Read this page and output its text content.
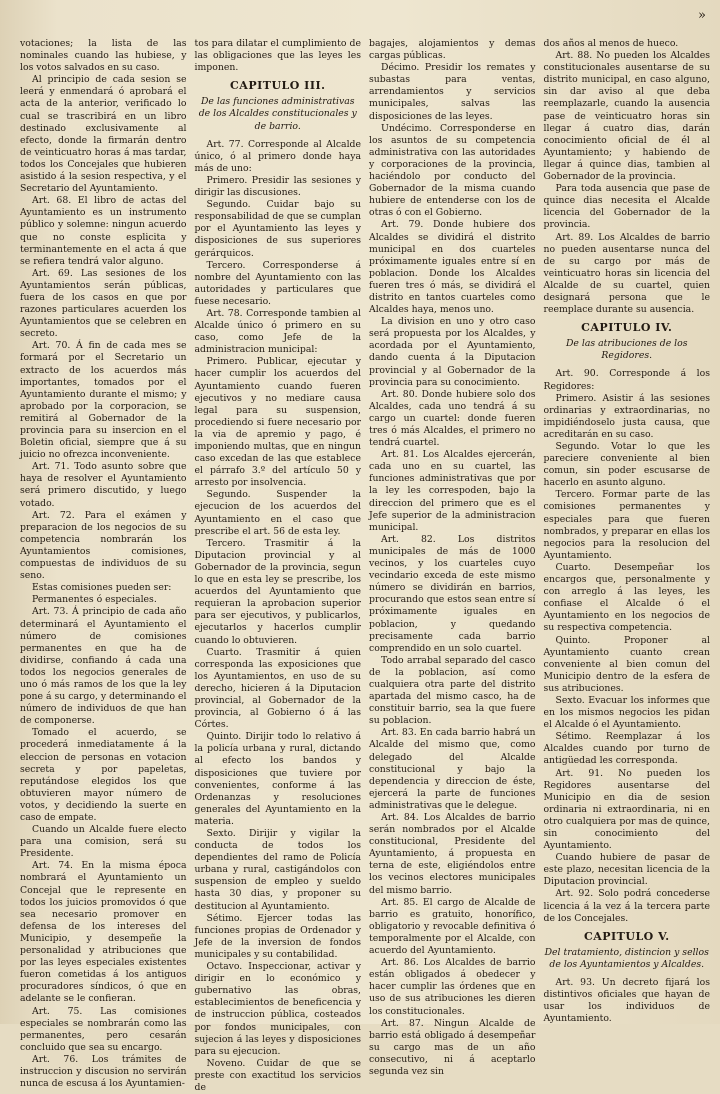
»

votaciones; la lista de las nominales cuando las hubiese, y los votos salvados en su caso.

Al principio de cada sesion se leerá y enmendará ó aprobará el acta de la anterior, verificado lo cual se trascribirá en un libro destinado exclusivamente al efecto, donde la firmarán dentro de veinticuatro horas á mas tardar, todos los Concejales que hubieren asistido á la sesion respectiva, y el Secretario del Ayuntamiento.

Art. 68. El libro de actas del Ayuntamiento es un instrumento público y solemne: ningun acuerdo que no conste esplicita y terminantemente en el acta á que se refiera tendrá valor alguno.

Art. 69. Las sesiones de los Ayuntamientos serán públicas, fuera de los casos en que por razones particulares acuerden los Ayuntamientos que se celebren en secreto.

Art. 70. Á fin de cada mes se formará por el Secretario un extracto de los acuerdos más importantes, tomados por el Ayuntamiento durante el mismo; y aprobado por la corporacion, se remitirá al Gobernador de la provincia para su insercion en el Boletin oficial, siempre que á su juicio no ofrezca inconveniente.

Art. 71. Todo asunto sobre que haya de resolver el Ayuntamiento será primero discutido, y luego votado.

Art. 72. Para el exámen y preparacion de los negocios de su competencia nombrarán los Ayuntamientos comisiones, compuestas de individuos de su seno.

Estas comisiones pueden ser:

Permanentes ó especiales.

Art. 73. Á principio de cada año determinará el Ayuntamiento el número de comisiones permanentes en que ha de dividirse, confiando á cada una todos los negocios generales de uno ó más ramos de los que la ley pone á su cargo, y determinando el número de individuos de que han de componerse.

Tomado el acuerdo, se procederá inmediatamente á la eleccion de personas en votacion secreta y por papeletas, reputándose elegidos los que obtuvieren mayor número de votos, y decidiendo la suerte en caso de empate.

Cuando un Alcalde fuere electo para una comision, será su Presidente.

Art. 74. En la misma época nombrará el Ayuntamiento un Concejal que le represente en todos los juicios promovidos ó que sea necesario promover en defensa de los intereses del Municipio, y desempeñe la personalidad y atribuciones que por las leyes especiales existentes fueron cometidas á los antiguos procuradores síndicos, ó que en adelante se le confieran.

Art. 75. Las comisiones especiales se nombrarán como las permanentes, pero cesarán concluido que sea su encargo.

Art. 76. Los trámites de instruccion y discusion no servirán nunca de escusa á los Ayuntamien-

tos para dilatar el cumplimiento de las obligaciones que las leyes les imponen.

CAPITULO III.

De las funciones administrativas de los Alcaldes constitucionales y de barrio.

Art. 77. Corresponde al Alcalde único, ó al primero donde haya más de uno:

Primero. Presidir las sesiones y dirigir las discusiones.

Segundo. Cuidar bajo su responsabilidad de que se cumplan por el Ayuntamiento las leyes y disposiciones de sus superiores gerárquicos.

Tercero. Corresponderse á nombre del Ayuntamiento con las autoridades y particulares que fuese necesario.

Art. 78. Corresponde tambien al Alcalde único ó primero en su caso, como Jefe de la administracion municipal:

Primero. Publicar, ejecutar y hacer cumplir los acuerdos del Ayuntamiento cuando fueren ejecutivos y no mediare causa legal para su suspension, procediendo si fuere necesario por la via de apremio y pago, é imponiendo multas, que en ningun caso excedan de las que establece el párrafo 3.º del artículo 50 y arresto por insolvencia.

Segundo. Suspender la ejecucion de los acuerdos del Ayuntamiento en el caso que prescribe el art. 56 de esta ley.

Tercero. Trasmitir á la Diputacion provincial y al Gobernador de la provincia, segun lo que en esta ley se prescribe, los acuerdos del Ayuntamiento que requieran la aprobacion superior para ser ejecutivos, y publicarlos, ejecutarlos y hacerlos cumplir cuando lo obtuvieren.

Cuarto. Trasmitir á quien corresponda las exposiciones que los Ayuntamientos, en uso de su derecho, hicieren á la Diputacion provincial, al Gobernador de la provincia, al Gobierno ó á las Córtes.

Quinto. Dirijir todo lo relativo á la policía urbana y rural, dictando al efecto los bandos y disposiciones que tuviere por convenientes, conforme á las Ordenanzas y resoluciones generales del Ayuntamiento en la materia.

Sexto. Dirijir y vigilar la conducta de todos los dependientes del ramo de Policía urbana y rural, castigándolos con suspension de empleo y sueldo hasta 30 dias, y proponer su destitucion al Ayuntamiento.

Sétimo. Ejercer todas las funciones propias de Ordenador y Jefe de la inversion de fondos municipales y su contabilidad.

Octavo. Inspeccionar, activar y dirigir en lo económico y gubernativo las obras, establecimientos de beneficencia y de instruccion pública, costeados por fondos municipales, con sujecion á las leyes y disposiciones para su ejecucion.

Noveno. Cuidar de que se preste con exactitud los servicios de

bagajes, alojamientos y demas cargas públicas.

Décimo. Presidir los remates y subastas para ventas, arrendamientos y servicios municipales, salvas las disposiciones de las leyes.

Undécimo. Corresponderse en los asuntos de su competencia administrativa con las autoridades y corporaciones de la provincia, haciéndolo por conducto del Gobernador de la misma cuando hubiere de entenderse con los de otras ó con el Gobierno.

Art. 79. Donde hubiere dos Alcaldes se dividirá el distrito municipal en dos cuarteles próximamente iguales entre sí en poblacion. Donde los Alcaldes fueren tres ó más, se dividirá el distrito en tantos cuarteles como Alcaldes haya, menos uno.

La division en uno y otro caso será propuesta por los Alcaldes, y acordada por el Ayuntamiento, dando cuenta á la Diputacion provincial y al Gobernador de la provincia para su conocimiento.

Art. 80. Donde hubiere solo dos Alcaldes, cada uno tendrá á su cargo un cuartel: donde fueren tres ó más Alcaldes, el primero no tendrá cuartel.

Art. 81. Los Alcaldes ejercerán, cada uno en su cuartel, las funciones administrativas que por la ley les correspoden, bajo la direccion del primero que es el Jefe superior de la administracion municipal.

Art. 82. Los distritos municipales de más de 1000 vecinos, y los cuarteles cuyo vecindario exceda de este mismo número se dividirán en barrios, procurando que estos sean entre sí próximamente iguales en poblacion, y quedando precisamente cada barrio comprendido en un solo cuartel.

Todo arrabal separado del casco de la poblacion, así como cualquiera otra parte del distrito apartada del mismo casco, ha de constituir barrio, sea la que fuere su poblacion.

Art. 83. En cada barrio habrá un Alcalde del mismo que, como delegado del Alcalde constitucional y bajo la dependencia y direccion de éste, ejercerá la parte de funciones administrativas que le delegue.

Art. 84. Los Alcaldes de barrio serán nombrados por el Alcalde constitucional, Presidente del Ayuntamiento, á propuesta en terna de este, eligiéndolos entre los vecinos electores municipales del mismo barrio.

Art. 85. El cargo de Alcalde de barrio es gratuito, honorífico, obligatorio y revocable definitiva ó temporalmente por el Alcalde, con acuerdo del Ayuntamiento.

Art. 86. Los Alcaldes de barrio están obligados á obedecer y hacer cumplir las órdenes que en uso de sus atribuciones les dieren los constitucionales.

Art. 87. Ningun Alcalde de barrio está obligado á desempeñar su cargo mas de un año consecutivo, ni á aceptarlo segunda vez sin

dos años al menos de hueco.

Art. 88. No pueden los Alcaldes constitucionales ausentarse de su distrito municipal, en caso alguno, sin dar aviso al que deba reemplazarle, cuando la ausencia pase de veinticuatro horas sin llegar á cuatro dias, darán conocimiento oficial de él al Ayuntamiento; y habiendo de llegar á quince dias, tambien al Gobernador de la provincia.

Para toda ausencia que pase de quince dias necesita el Alcalde licencia del Gobernador de la provincia.

Art. 89. Los Alcaldes de barrio no pueden ausentarse nunca del de su cargo por más de veinticuatro horas sin licencia del Alcalde de su cuartel, quien designará persona que le reemplace durante su ausencia.

CAPITULO IV.

De las atribuciones de los Regidores.

Art. 90. Corresponde á los Regidores:

Primero. Asistir á las sesiones ordinarias y extraordinarias, no impidiéndoselo justa causa, que acreditarán en su caso.

Segundo. Votar lo que les pareciere conveniente al bien comun, sin poder escusarse de hacerlo en asunto alguno.

Tercero. Formar parte de las comisiones permanentes y especiales para que fueren nombrados, y preparar en ellas los negocios para la resolucion del Ayuntamiento.

Cuarto. Desempeñar los encargos que, personalmente y con arreglo á las leyes, les confiase el Alcalde ó el Ayuntamiento en los negocios de su respectiva competencia.

Quinto. Proponer al Ayuntamiento cuanto crean conveniente al bien comun del Municipio dentro de la esfera de sus atribuciones.

Sexto. Evacuar los informes que en los mismos negocios les pidan el Alcalde ó el Ayuntamiento.

Sétimo. Reemplazar á los Alcaldes cuando por turno de antigüedad les corresponda.

Art. 91. No pueden los Regidores ausentarse del Municipio en dia de sesion ordinaria ni extraordinaria, ni en otro cualquiera por mas de quince, sin conocimiento del Ayuntamiento.

Cuando hubiere de pasar de este plazo, necesitan licencia de la Diputacion provincial.

Art. 92. Solo podrá concederse licencia á la vez á la tercera parte de los Concejales.

CAPITULO V.

Del tratamiento, distincion y sellos de los Ayuntamientos y Alcaldes.

Art. 93. Un decreto fijará los distintivos oficiales que hayan de usar los individuos de Ayuntamiento.
